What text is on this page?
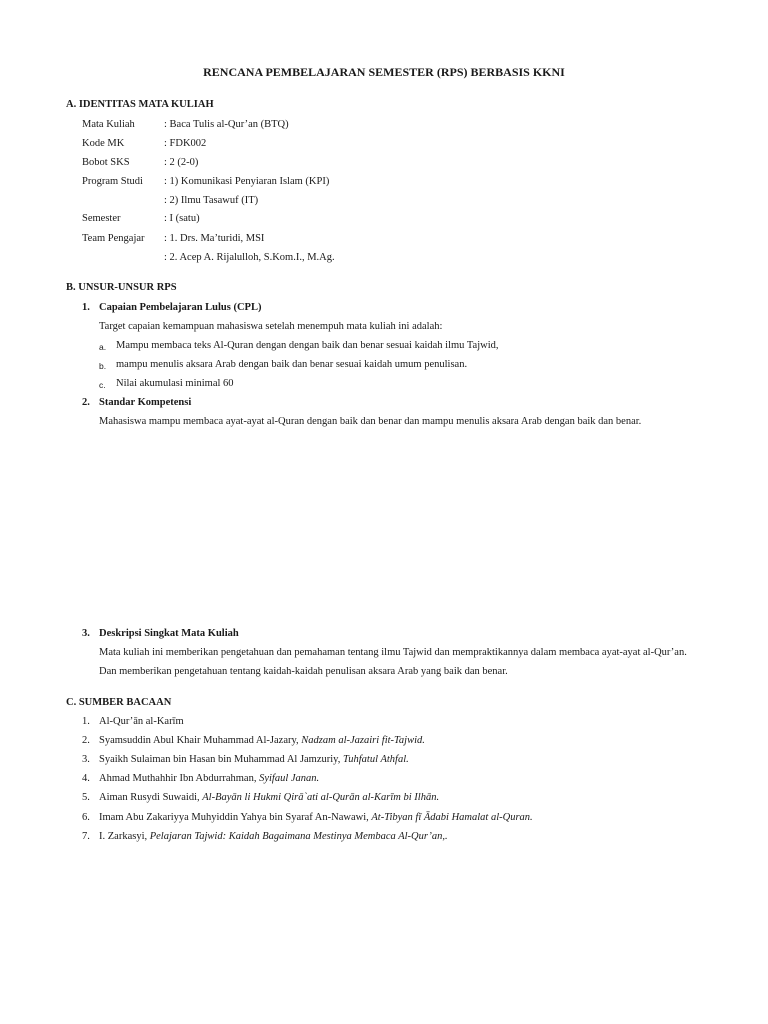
RENCANA PEMBELAJARAN SEMESTER (RPS) BERBASIS KKNI
A. IDENTITAS MATA KULIAH
Mata Kuliah	: Baca Tulis al-Qur’an (BTQ)
Kode MK	: FDK002
Bobot SKS	: 2 (2-0)
Program Studi : 1) Komunikasi Penyiaran Islam (KPI)
: 2) Ilmu Tasawuf (IT)
Semester	: I (satu)
Team Pengajar : 1. Drs. Ma’turidi, MSI
: 2. Acep A. Rijalulloh, S.Kom.I., M.Ag.
B. UNSUR-UNSUR RPS
1. Capaian Pembelajaran Lulus (CPL)
Target capaian kemampuan mahasiswa setelah menempuh mata kuliah ini adalah:
a. Mampu membaca teks Al-Quran dengan dengan baik dan benar sesuai kaidah ilmu Tajwid,
b. mampu menulis aksara Arab dengan baik dan benar sesuai kaidah umum penulisan.
c. Nilai akumulasi minimal 60
2. Standar Kompetensi
Mahasiswa mampu membaca ayat-ayat al-Quran dengan baik dan benar dan mampu menulis aksara Arab dengan baik dan benar.
3. Deskripsi Singkat Mata Kuliah
Mata kuliah ini memberikan pengetahuan dan pemahaman tentang ilmu Tajwid dan mempraktikannya dalam membaca ayat-ayat al-Qur’an.
Dan memberikan pengetahuan tentang kaidah-kaidah penulisan aksara Arab yang baik dan benar.
C. SUMBER BACAAN
1. Al-Qur’ān al-Karīm
2. Syamsuddin Abul Khair Muhammad Al-Jazary, Nadzam al-Jazairi fit-Tajwid.
3. Syaikh Sulaiman bin Hasan bin Muhammad Al Jamzuriy, Tuhfatul Athfal.
4. Ahmad Muthahhir Ibn Abdurrahman, Syifaul Janan.
5. Aiman Rusydi Suwaidi, Al-Bayān li Hukmi Qirā`ati al-Qurān al-Karīm bi Ilhān.
6. Imam Abu Zakariyya Muhyiddin Yahya bin Syaraf An-Nawawi, At-Tibyan fī Ādabi Hamalat al-Quran.
7. I. Zarkasyi, Pelajaran Tajwid: Kaidah Bagaimana Mestinya Membaca Al-Qur’an,.
